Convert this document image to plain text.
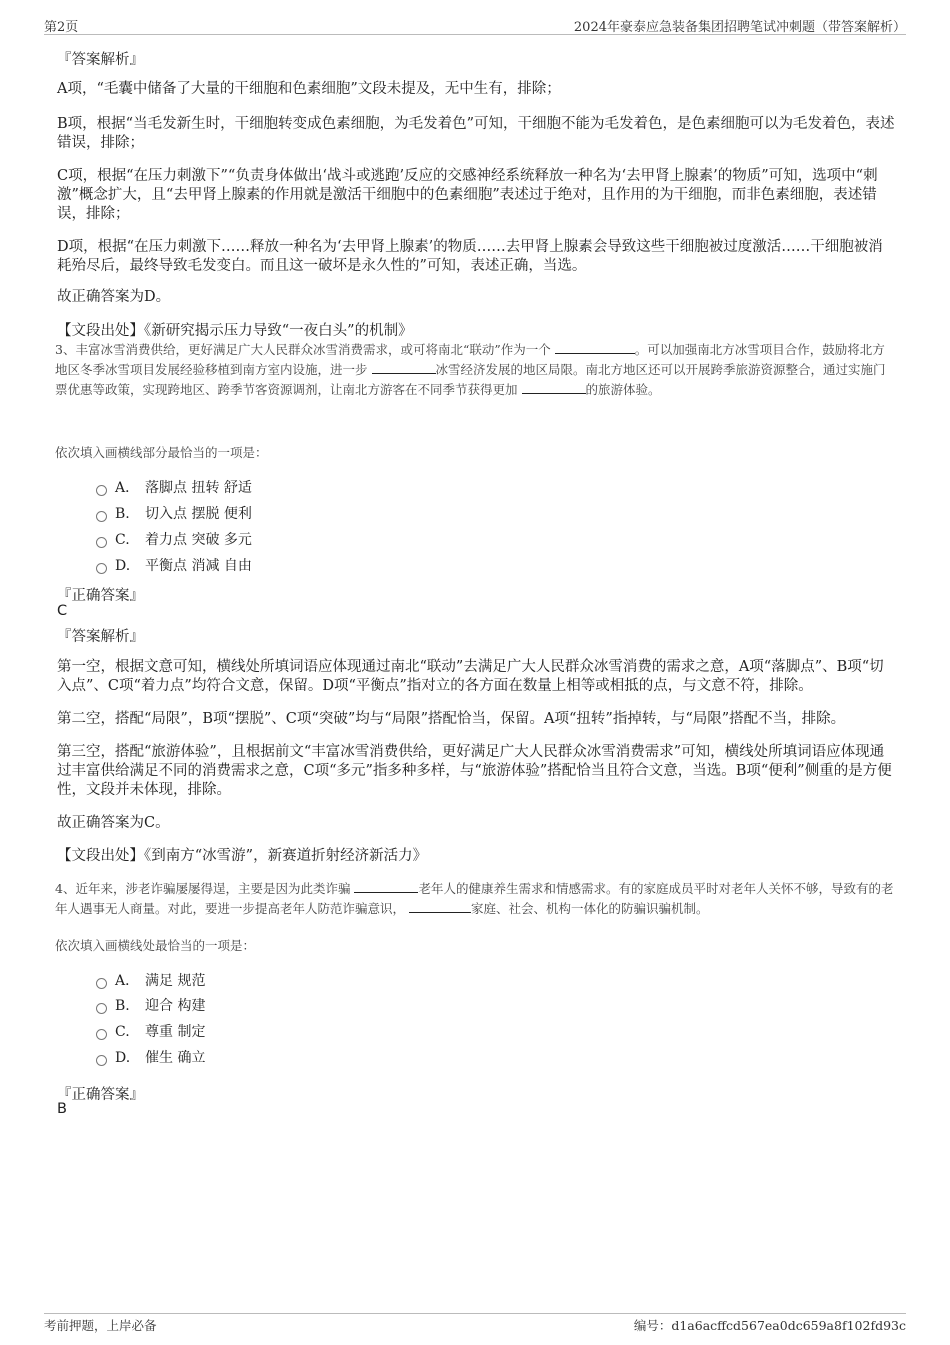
第2页	2024年豪泰应急装备集团招聘笔试冲刺题（带答案解析）
『答案解析』
A项，“毛囊中储备了大量的干细胞和色素细胞”文段未提及，无中生有，排除；
B项，根据“当毛发新生时，干细胞转变成色素细胞，为毛发着色”可知，干细胞不能为毛发着色，是色素细胞可以为毛发着色，表述错误，排除；
C项，根据“在压力刺激下”“负责身体做出‘战斗或逃跑’反应的交感神经系统释放一种名为‘去甲肾上腺素’的物质”可知，选项中“刺激”概念扩大，且“去甲肾上腺素的作用就是激活干细胞中的色素细胞”表述过于绝对，且作用的为干细胞，而非色素细胞，表述错误，排除；
D项，根据“在压力刺激下……释放一种名为‘去甲肾上腺素’的物质……去甲肾上腺素会导致这些干细胞被过度激活……干细胞被消耗殆尽后，最终导致毛发变白。而且这一破坏是永久性的”可知，表述正确，当选。
故正确答案为D。
【文段出处】《新研究揭示压力导致“一夜白头”的机制》
3、丰富冰雪消费供给，更好满足广大人民群众冰雪消费需求，或可将南北“联动”作为一个	。可以加强南北方冰雪项目合作，鼓励将北方地区冬季冰雪项目发展经验移植到南方室内设施，进一步	冰雪经济发展的地区局限。南北方地区还可以开展跨季旅游资源整合，通过实施门票优惠等政策，实现跨地区、跨季节客资源调剂，让南北方游客在不同季节获得更加	的旅游体验。
依次填入画横线部分最恰当的一项是：
A． 落脚点 扭转 舒适
B. 切入点 摆脱 便利
C. 着力点 突破 多元
D. 平衡点 消减 自由
『正确答案』
C
『答案解析』
第一空，根据文意可知，横线处所填词语应体现通过南北“联动”去满足广大人民群众冰雪消费的需求之意，A项“落脚点”、B项“切入点”、C项“着力点”均符合文意，保留。D项“平衡点”指对立的各方面在数量上相等或相抵的点，与文意不符，排除。
第二空，搭配“局限”，B项“摆脱”、C项“突破”均与“局限”搭配恰当，保留。A项“扭转”指掉转，与“局限”搭配不当，排除。
第三空，搭配“旅游体验”，且根据前文“丰富冰雪消费供给，更好满足广大人民群众冰雪消费需求”可知，横线处所填词语应体现通过丰富供给满足不同的消费需求之意，C项“多元”指多种多样，与“旅游体验”搭配恰当且符合文意，当选。B项“便利”侧重的是方便性，文段并未体现，排除。
故正确答案为C。
【文段出处】《到南方“冰雪游”，新赛道折射经济新活力》
4、近年来，涉老诈骗屡屡得逞，主要是因为此类诈骗	老年人的健康养生需求和情感需求。有的家庭成员平时对老年人关怀不够，导致有的老年人遇事无人商量。对此，要进一步提高老年人防范诈骗意识，	家庭、社会、机构一体化的防骗识骗机制。
依次填入画横线处最恰当的一项是：
A． 满足 规范
B. 迎合 构建
C. 尊重 制定
D. 催生 确立
『正确答案』
B
考前押题，上岸必备	编号：d1a6acffcd567ea0dc659a8f102fd93c
